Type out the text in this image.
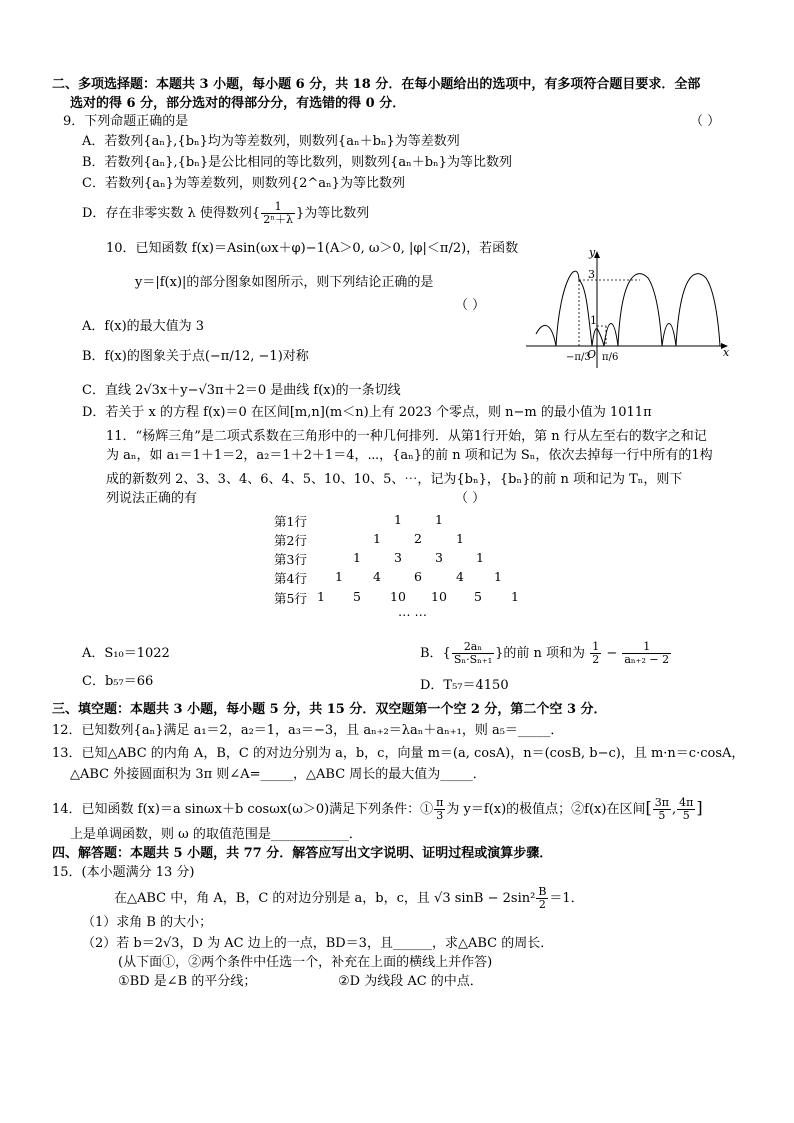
二、多项选择题：本题共 3 小题，每小题 6 分，共 18 分．在每小题给出的选项中，有多项符合题目要求．全部
选对的得 6 分，部分选对的得部分分，有选错的得 0 分．
9．下列命题正确的是	（ ）
A．若数列{aₙ},{bₙ}均为等差数列，则数列{aₙ＋bₙ}为等差数列
B．若数列{aₙ},{bₙ}是公比相同的等比数列，则数列{aₙ＋bₙ}为等比数列
C．若数列{aₙ}为等差数列，则数列{2^aₙ}为等比数列
D．存在非零实数 λ 使得数列{ $\frac{1}{\text{2ⁿ＋λ}}$ }为等比数列
10．已知函数 f(x)＝Asin(ωx＋φ)−1(A＞0, ω＞0, |φ|＜π/2)，若函数
y＝|f(x)|的部分图象如图所示，则下列结论正确的是
（ ）
A．f(x)的最大值为 3
B．f(x)的图象关于点(−π/12, −1)对称
C．直线 2√3x＋y−√3π＋2＝0 是曲线 f(x)的一条切线
D．若关于 x 的方程 f(x)＝0 在区间[m,n](m＜n)上有 2023 个零点，则 n−m 的最小值为 1011π
y
x
O
3
1
−π/3 π/6
11．“杨辉三角”是二项式系数在三角形中的一种几何排列．从第1行开始，第 n 行从左至右的数字之和记
为 aₙ，如 a₁＝1＋1＝2，a₂＝1＋2＋1＝4，⋯，{aₙ}的前 n 项和记为 Sₙ，依次去掉每一行中所有的1构
成的新数列 2、3、3、4、6、4、5、10、10、5、⋯，记为{bₙ}，{bₙ}的前 n 项和记为 Tₙ，则下
列说法正确的有	（ ）
第1行	1	1
第2行	1	2	1
第3行	1	3	3	1
第4行 1 4	6	4 1
第5行 1 5 10 10 5 1
⋯ ⋯
A．S₁₀＝1022	B．{ $\frac{\text{2aₙ}}{\text{Sₙ·Sₙ₊₁}}$ }的前 n 项和为 $\frac{1}{2} - \frac{1}{\text{aₙ₊₂ − 2}}$
C．b₅₇＝66	D．T₅₇＝4150
三、填空题：本题共 3 小题，每小题 5 分，共 15 分．双空题第一个空 2 分，第二个空 3 分．
12．已知数列{aₙ}满足 a₁＝2，a₂＝1，a₃＝−3，且 aₙ₊₂＝λaₙ＋aₙ₊₁，则 a₅＝_____．
13．已知△ABC 的内角 A，B，C 的对边分别为 a，b，c，向量 m＝(a, cosA)，n＝(cosB, b−c)，且 m·n＝c·cosA，
△ABC 外接圆面积为 3π 则∠A=_____，△ABC 周长的最大值为_____．
14．已知函数 f(x)＝a sinωx＋b cosωx(ω＞0)满足下列条件：① $\frac{\pi}{3}$ 为 y＝f(x)的极值点；②f(x)在区间[ $\frac{3\pi}{5}$ , $\frac{4\pi}{5}$ ]
上是单调函数，则 ω 的取值范围是____________．
四、解答题：本题共 5 小题，共 77 分．解答应写出文字说明、证明过程或演算步骤．
15．(本小题满分 13 分)
在△ABC 中，角 A，B，C 的对边分别是 a，b，c，且 √3 $\sin B - 2\sin^2 \frac{B}{2} =1$．
（1）求角 B 的大小；
（2）若 b＝2√3，D 为 AC 边上的一点，BD＝3，且______，求△ABC 的周长．
(从下面①，②两个条件中任选一个，补充在上面的横线上并作答)
①BD 是∠B 的平分线；	②D 为线段 AC 的中点．
